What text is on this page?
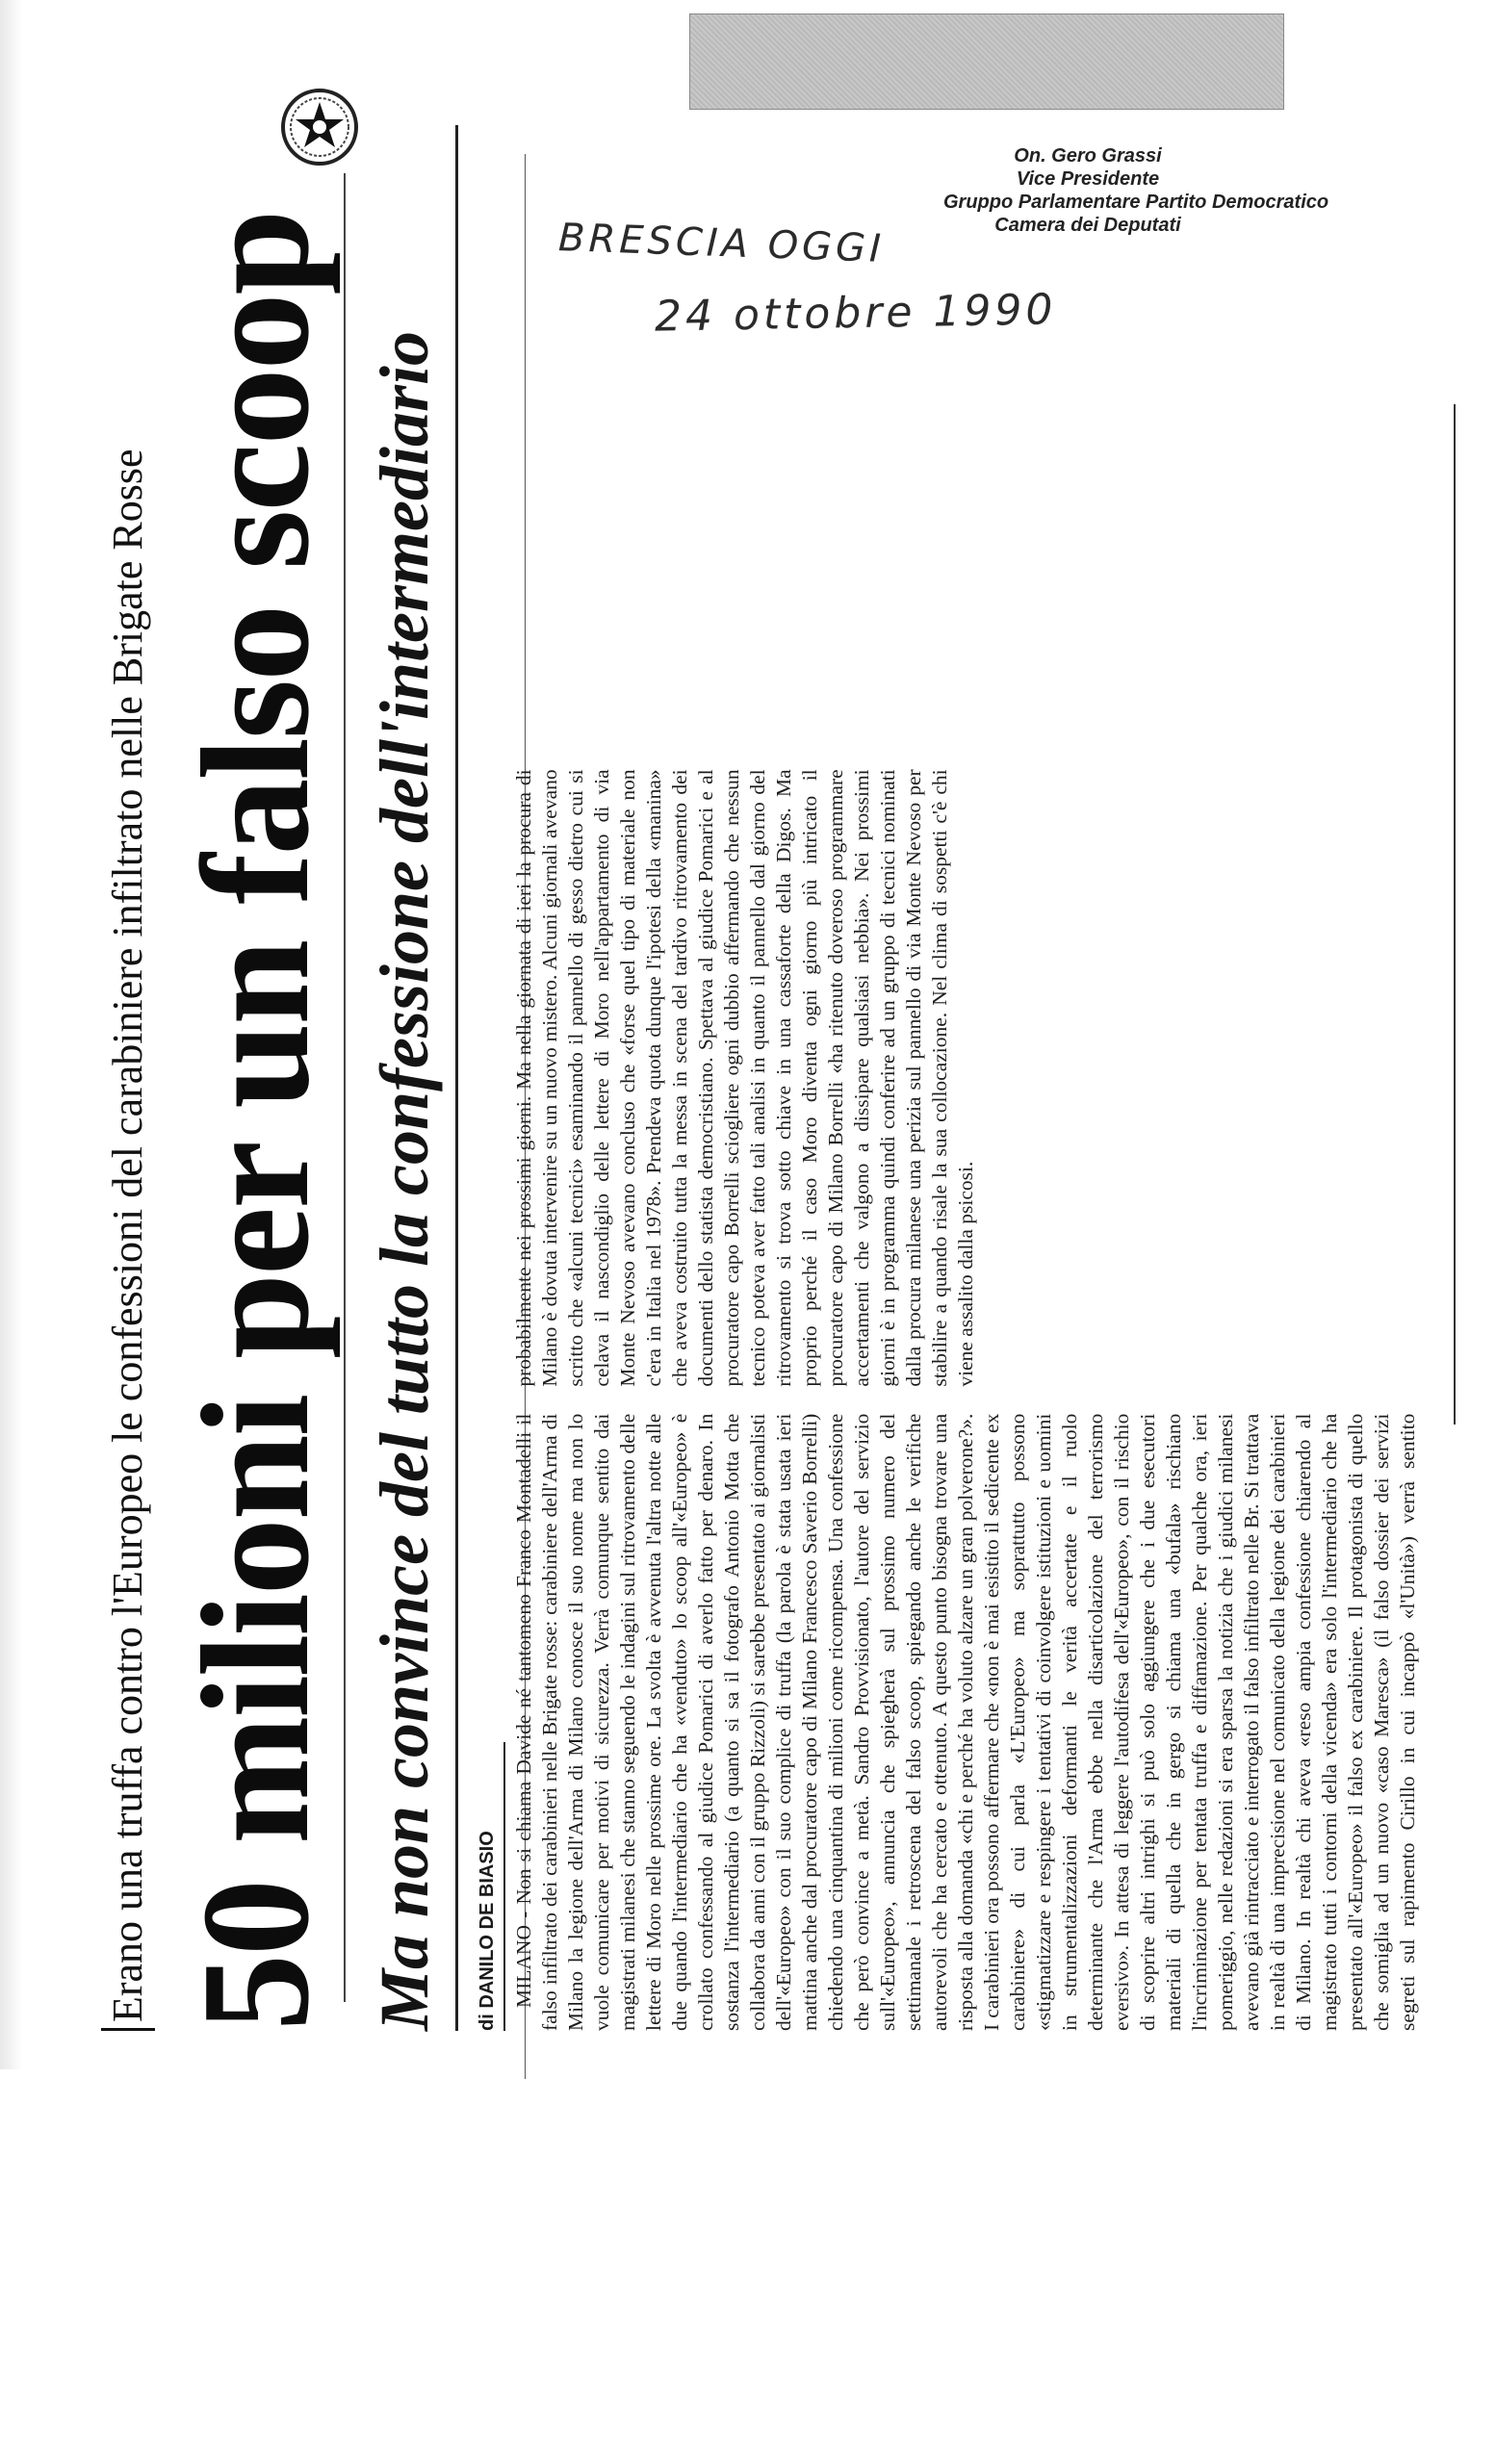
On. Gero Grassi
Vice Presidente
Gruppo Parlamentare Partito Democratico
Camera dei Deputati
BRESCIA OGGI
24 ottobre 1990
Erano una truffa contro l'Europeo le confessioni del carabiniere infiltrato nelle Brigate Rosse 50 milioni per un falso scoop Ma non convince del tutto la confessione dell'intermediario di DANILO DE BIASIO MILANO - Non si chiama Davide né tantomeno Franco Montadelli il falso infiltrato dei carabinieri nelle Brigate rosse: carabiniere dell'Arma di Milano la legione dell'Arma di Milano conosce il suo nome ma non lo vuole comunicare per motivi di sicurezza. Verrà comunque sentito dai magistrati milanesi che stanno seguendo le indagini sul ritrovamento delle lettere di Moro nelle prossime ore. La svolta è avvenuta l'altra notte alle due quando l'intermediario che ha «venduto» lo scoop all'«Europeo» è crollato confessando al giudice Pomarici di averlo fatto per denaro. In sostanza l'intermediario (a quanto si sa il fotografo Antonio Motta che collabora da anni con il gruppo Rizzoli) si sarebbe presentato ai giornalisti dell'«Europeo» con il suo complice di truffa (la parola è stata usata ieri mattina anche dal procuratore capo di Milano Francesco Saverio Borrelli) chiedendo una cinquantina di milioni come ricompensa. Una confessione che però convince a metà. Sandro Provvisionato, l'autore del servizio sull'«Europeo», annuncia che spiegherà sul prossimo numero del settimanale i retroscena del falso scoop, spiegando anche le verifiche autorevoli che ha cercato e ottenuto. A questo punto bisogna trovare una risposta alla domanda «chi e perché ha voluto alzare un gran polverone?». I carabinieri ora possono affermare che «non è mai esistito il sedicente ex carabiniere» di cui parla «L'Europeo» ma soprattutto possono «stigmatizzare e respingere i tentativi di coinvolgere istituzioni e uomini in strumentalizzazioni deformanti le verità accertate e il ruolo determinante che l'Arma ebbe nella disarticolazione del terrorismo eversivo». In attesa di leggere l'autodifesa dell'«Europeo», con il rischio di scoprire altri intrighi si può solo aggiungere che i due esecutori materiali di quella che in gergo si chiama una «bufala» rischiano l'incriminazione per tentata truffa e diffamazione. Per qualche ora, ieri pomeriggio, nelle redazioni si era sparsa la notizia che i giudici milanesi avevano già rintracciato e interrogato il falso infiltrato nelle Br. Si trattava in realtà di una imprecisione nel comunicato della legione dei carabinieri di Milano. In realtà chi aveva «reso ampia confessione chiarendo al magistrato tutti i contorni della vicenda» era solo l'intermediario che ha presentato all'«Europeo» il falso ex carabiniere. Il protagonista di quello che somiglia ad un nuovo «caso Maresca» (il falso dossier dei servizi segreti sul rapimento Cirillo in cui incappò «l'Unità») verrà sentito probabilmente nei prossimi giorni. Ma nella giornata di ieri la procura di Milano è dovuta intervenire su un nuovo mistero. Alcuni giornali avevano scritto che «alcuni tecnici» esaminando il pannello di gesso dietro cui si celava il nascondiglio delle lettere di Moro nell'appartamento di via Monte Nevoso avevano concluso che «forse quel tipo di materiale non c'era in Italia nel 1978». Prendeva quota dunque l'ipotesi della «manina» che aveva costruito tutta la messa in scena del tardivo ritrovamento dei documenti dello statista democristiano. Spettava al giudice Pomarici e al procuratore capo Borrelli sciogliere ogni dubbio affermando che nessun tecnico poteva aver fatto tali analisi in quanto il pannello dal giorno del ritrovamento si trova sotto chiave in una cassaforte della Digos. Ma proprio perché il caso Moro diventa ogni giorno più intricato il procuratore capo di Milano Borrelli «ha ritenuto doveroso programmare accertamenti che valgono a dissipare qualsiasi nebbia». Nei prossimi giorni è in programma quindi conferire ad un gruppo di tecnici nominati dalla procura milanese una perizia sul pannello di via Monte Nevoso per stabilire a quando risale la sua collocazione. Nel clima di sospetti c'è chi viene assalito dalla psicosi.
